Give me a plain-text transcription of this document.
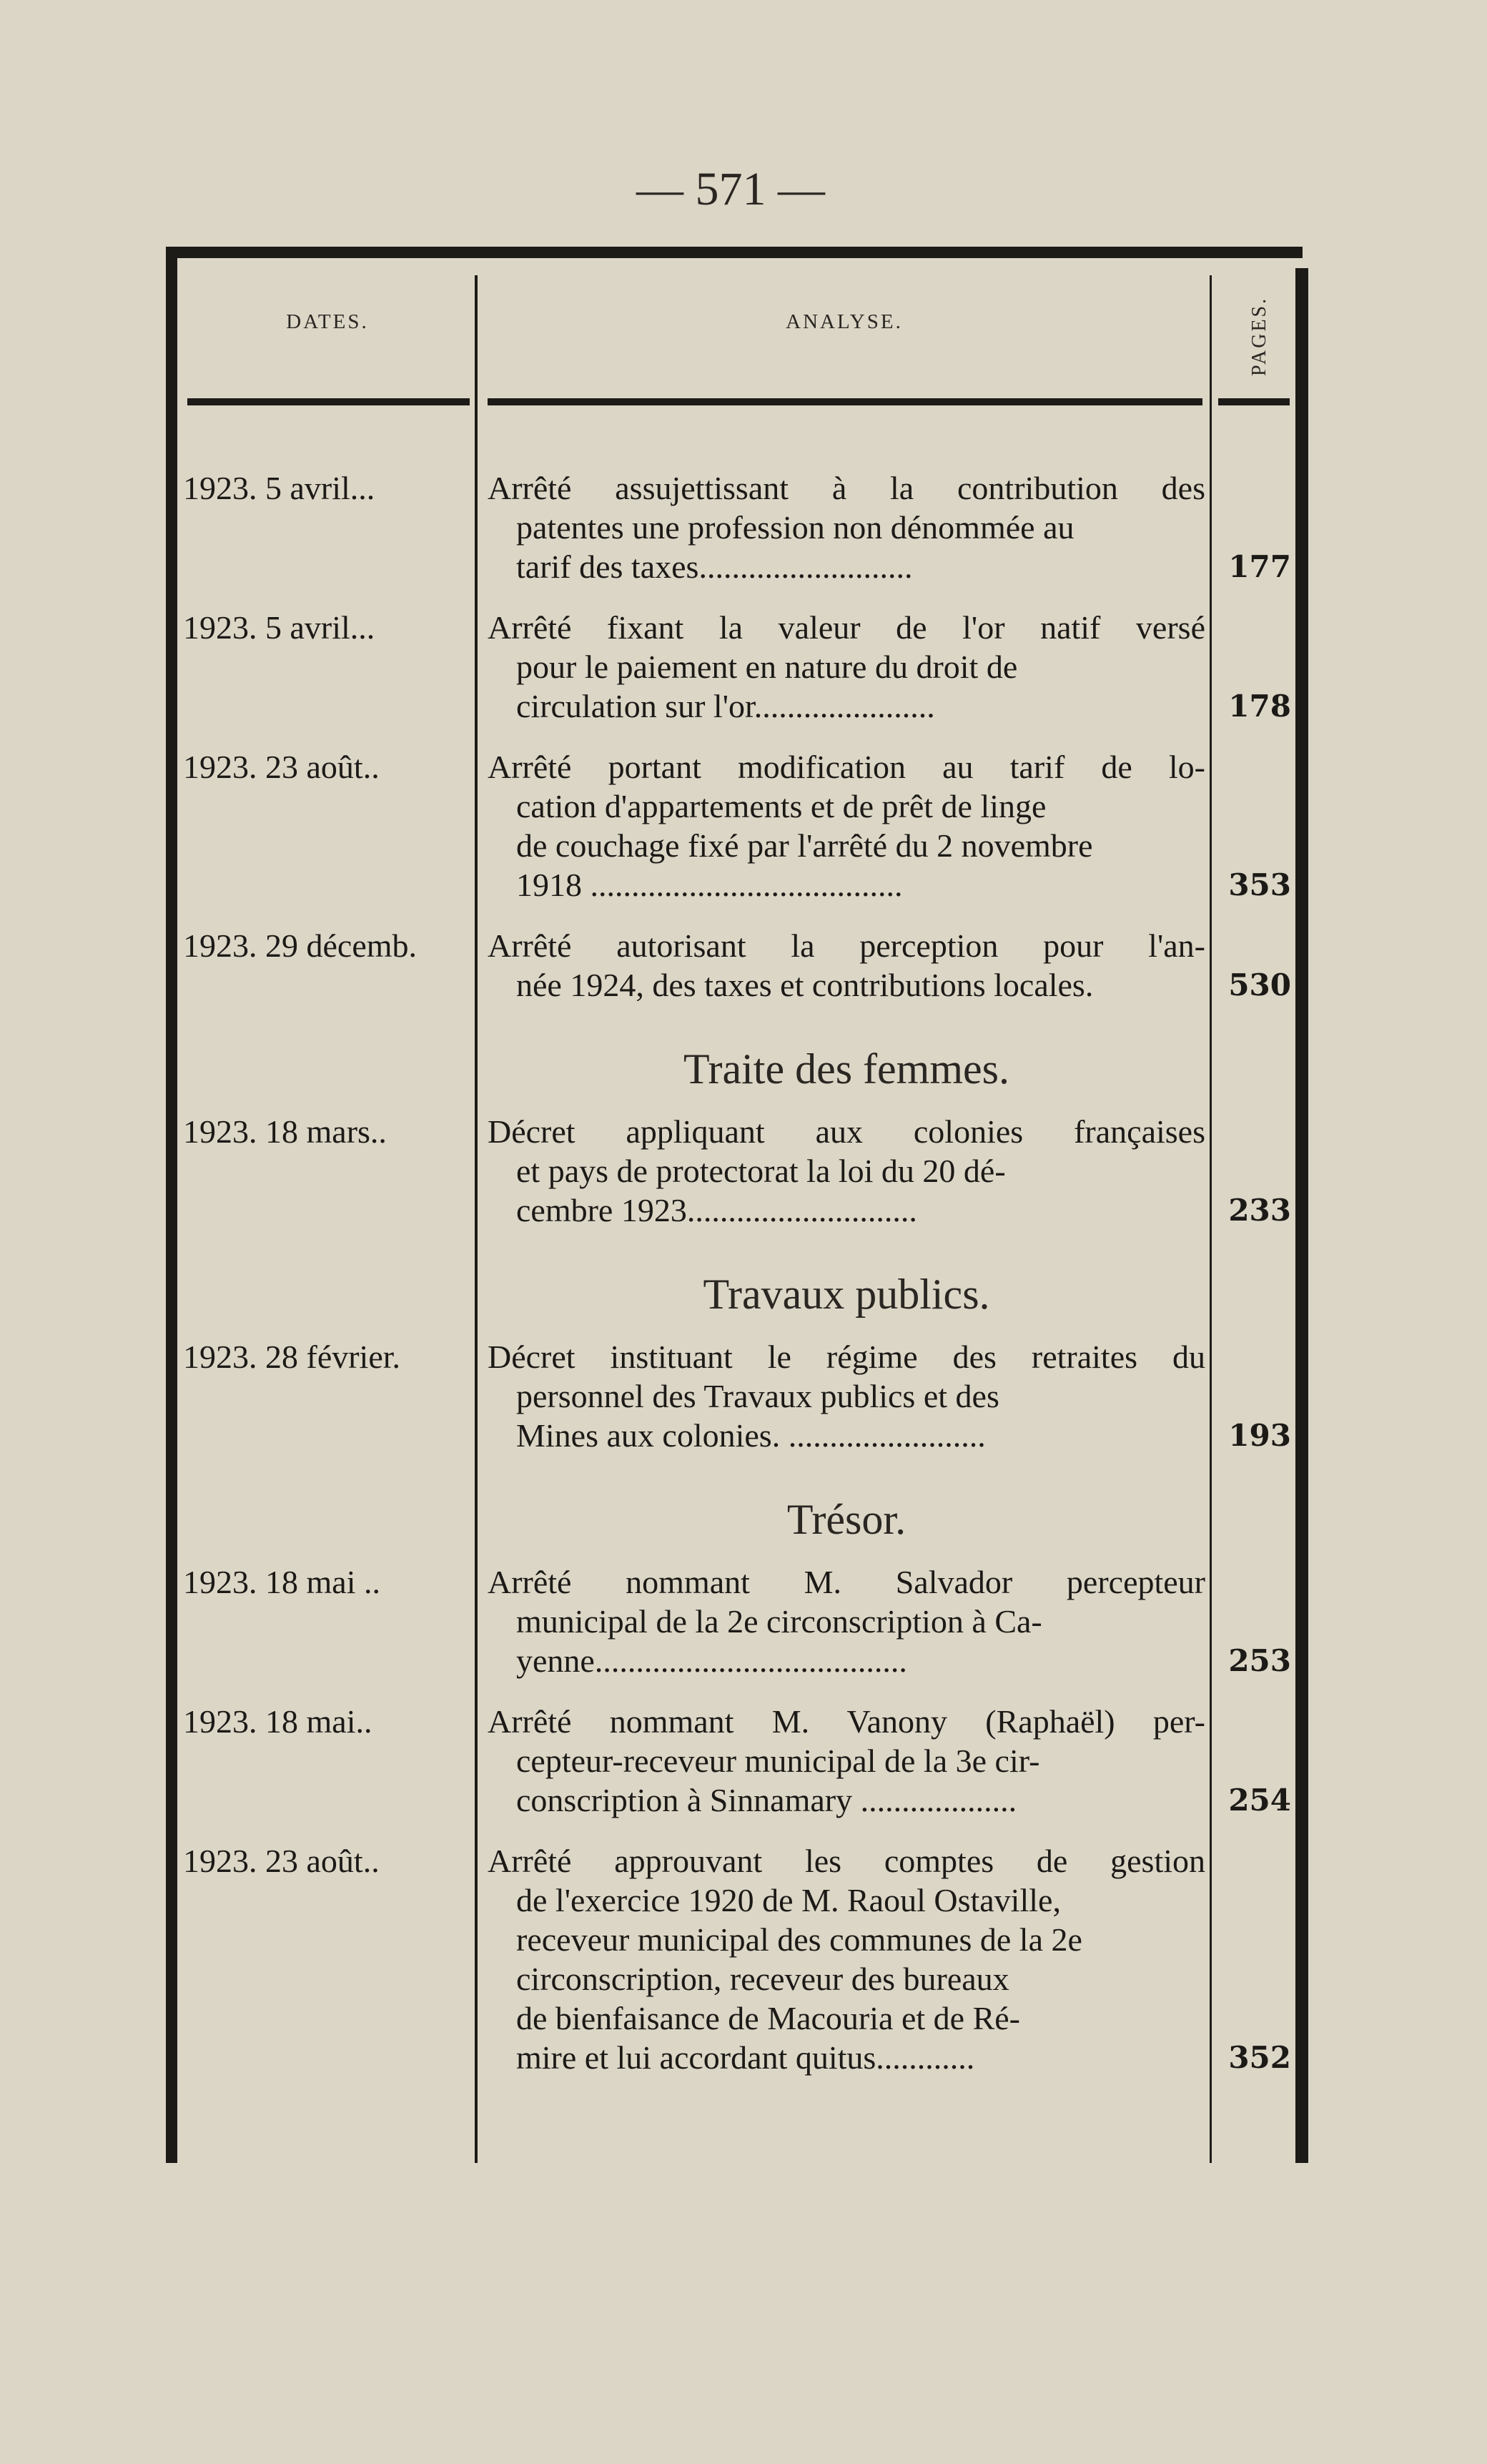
— 571 —
DATES.	ANALYSE.	PAGES.
1923. 5 avril...	Arrêté assujettissant à la contribution des
patentes une profession non dénommée au
tarif des taxes..........................	177
1923. 5 avril...	Arrêté fixant la valeur de l'or natif versé
pour le paiement en nature du droit de
circulation sur l'or......................	178
1923. 23 août..	Arrêté portant modification au tarif de lo-
cation d'appartements et de prêt de linge
de couchage fixé par l'arrêté du 2 novembre
1918 ......................................	353
1923. 29 décemb.	Arrêté autorisant la perception pour l'an-
née 1924, des taxes et contributions locales.	530
Traite des femmes.
1923. 18 mars..	Décret appliquant aux colonies françaises
et pays de protectorat la loi du 20 dé-
cembre 1923............................	233
Travaux publics.
1923. 28 février.	Décret instituant le régime des retraites du
personnel des Travaux publics et des
Mines aux colonies. ........................	193
Trésor.
1923. 18 mai ..	Arrêté nommant M. Salvador percepteur
municipal de la 2e circonscription à Ca-
yenne......................................	253
1923. 18 mai..	Arrêté nommant M. Vanony (Raphaël) per-
cepteur-receveur municipal de la 3e cir-
conscription à Sinnamary ...................	254
1923. 23 août..	Arrêté approuvant les comptes de gestion
de l'exercice 1920 de M. Raoul Ostaville,
receveur municipal des communes de la 2e
circonscription, receveur des bureaux
de bienfaisance de Macouria et de Ré-
mire et lui accordant quitus............	352
